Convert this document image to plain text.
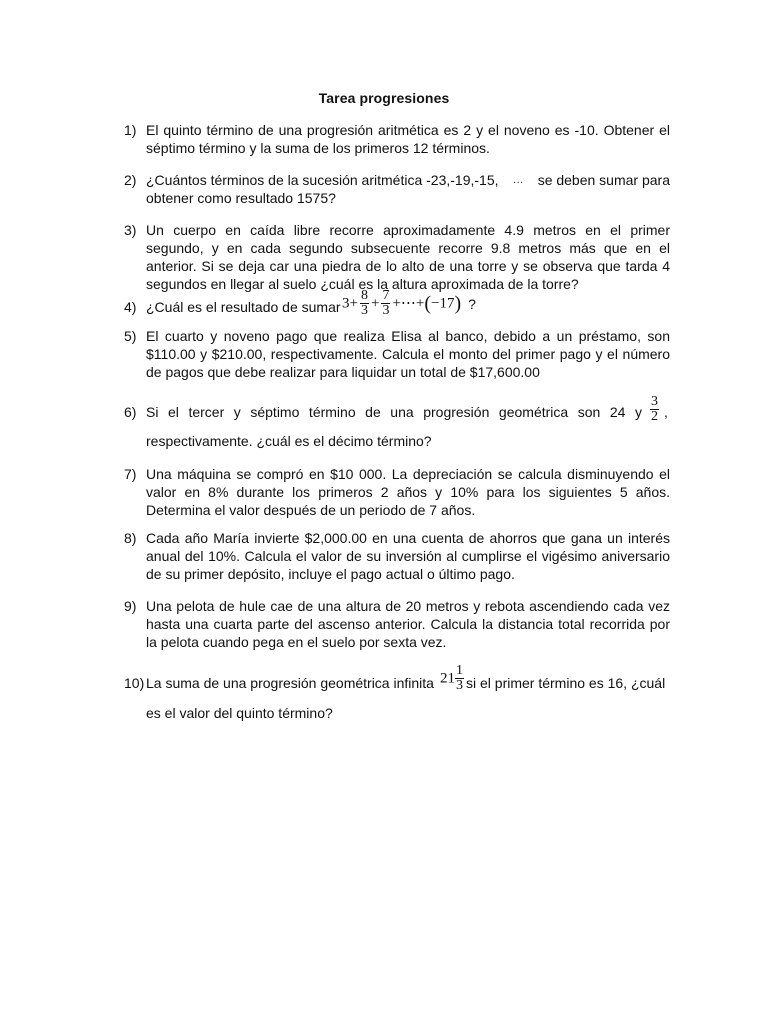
Tarea progresiones
1) El quinto término de una progresión aritmética es 2 y el noveno es -10. Obtener el

séptimo término y la suma de los primeros 12 términos.

2) ¿Cuántos términos de la sucesión aritmética -23,-19,-15, … se deben sumar para

obtener como resultado 1575?

3) Un cuerpo en caída libre recorre aproximadamente 4.9 metros en el primer segundo, y en cada segundo subsecuente recorre 9.8 metros más que en el anterior. Si se deja car una piedra de lo alto de una torre y se observa que tarda 4 segundos en llegar al suelo ¿cuál es la altura aproximada de la torre?
4) ¿Cuál es el resultado de sumar $3+ \frac{8}{3} + \frac{7}{3}$ +⋯+(−17) ?
5) El cuarto y noveno pago que realiza Elisa al banco, debido a un préstamo, son $110.00 y $210.00, respectivamente. Calcula el monto del primer pago y el número de pagos que debe realizar para liquidar un total de $17,600.00
6) Si el tercer y séptimo término de una progresión geométrica son 24 y $\frac{3}{2}$ ,
respectivamente. ¿cuál es el décimo término?
7) Una máquina se compró en $10 000. La depreciación se calcula disminuyendo el valor en 8% durante los primeros 2 años y 10% para los siguientes 5 años. Determina el valor después de un periodo de 7 años.
8) Cada año María invierte $2,000.00 en una cuenta de ahorros que gana un interés anual del 10%. Calcula el valor de su inversión al cumplirse el vigésimo aniversario de su primer depósito, incluye el pago actual o último pago.
9) Una pelota de hule cae de una altura de 20 metros y rebota ascendiendo cada vez hasta una cuarta parte del ascenso anterior. Calcula la distancia total recorrida por la pelota cuando pega en el suelo por sexta vez.
10) La suma de una progresión geométrica infinita $21 \frac{1}{3}$ si el primer término es 16, ¿cuál
es el valor del quinto término?
